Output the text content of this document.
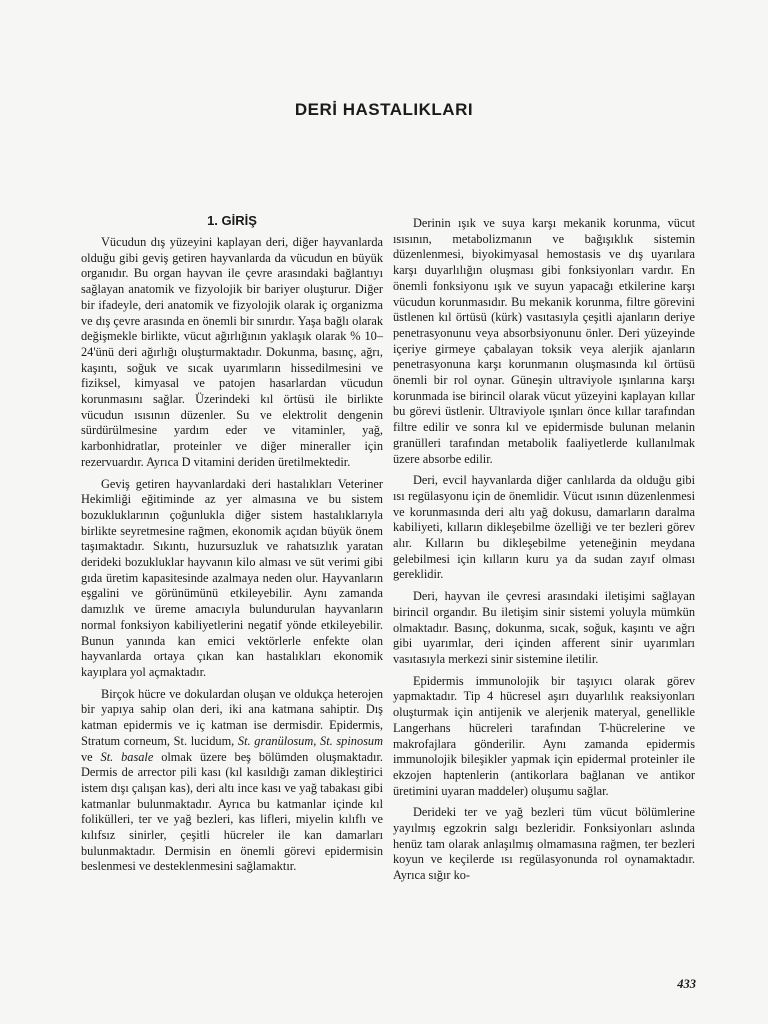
DERİ HASTALIKLARI
1. GİRİŞ

Vücudun dış yüzeyini kaplayan deri, diğer hayvanlarda olduğu gibi geviş getiren hayvanlarda da vücudun en büyük organıdır. Bu organ hayvan ile çevre arasındaki bağlantıyı sağlayan anatomik ve fizyolojik bir bariyer oluşturur. Diğer bir ifadeyle, deri anatomik ve fizyolojik olarak iç organizma ve dış çevre arasında en önemli bir sınırdır. Yaşa bağlı olarak değişmekle birlikte, vücut ağırlığının yaklaşık olarak % 10–24'ünü deri ağırlığı oluşturmaktadır. Dokunma, basınç, ağrı, kaşıntı, soğuk ve sıcak uyarımların hissedilmesini ve fiziksel, kimyasal ve patojen hasarlardan vücudun korunmasını sağlar. Üzerindeki kıl örtüsü ile birlikte vücudun ısısının düzenler. Su ve elektrolit dengenin sürdürülmesine yardım eder ve vitaminler, yağ, karbonhidratlar, proteinler ve diğer mineraller için rezervuardır. Ayrıca D vitamini deriden üretilmektedir.

Geviş getiren hayvanlardaki deri hastalıkları Veteriner Hekimliği eğitiminde az yer almasına ve bu sistem bozukluklarının çoğunlukla diğer sistem hastalıklarıyla birlikte seyretmesine rağmen, ekonomik açıdan büyük önem taşımaktadır. Sıkıntı, huzursuzluk ve rahatsızlık yaratan derideki bozukluklar hayvanın kilo alması ve süt verimi gibi gıda üretim kapasitesinde azalmaya neden olur. Hayvanların eşgalini ve görünümünü etkileyebilir. Aynı zamanda damızlık ve üreme amacıyla bulundurulan hayvanların normal fonksiyon kabiliyetlerini negatif yönde etkileyebilir. Bunun yanında kan emici vektörlerle enfekte olan hayvanlarda ortaya çıkan kan hastalıkları ekonomik kayıplara yol açmaktadır.

Birçok hücre ve dokulardan oluşan ve oldukça heterojen bir yapıya sahip olan deri, iki ana katmana sahiptir. Dış katman epidermis ve iç katman ise dermisdir. Epidermis, Stratum corneum, St. lucidum, St. granülosum, St. spinosum ve St. basale olmak üzere beş bölümden oluşmaktadır. Dermis de arrector pili kası (kıl kasıldığı zaman dikleştirici istem dışı çalışan kas), deri altı ince kası ve yağ tabakası gibi katmanlar bulunmaktadır. Ayrıca bu katmanlar içinde kıl folikülleri, ter ve yağ bezleri, kas lifleri, miyelin kılıflı ve kılıfsız sinirler, çeşitli hücreler ile kan damarları bulunmaktadır. Dermisin en önemli görevi epidermisin beslenmesi ve desteklenmesini sağlamaktır.

Derinin ışık ve suya karşı mekanik korunma, vücut ısısının, metabolizmanın ve bağışıklık sistemin düzenlenmesi, biyokimyasal hemostasis ve dış uyarılara karşı duyarlılığın oluşması gibi fonksiyonları vardır. En önemli fonksiyonu ışık ve suyun yapacağı etkilerine karşı vücudun korunmasıdır. Bu mekanik korunma, filtre görevini üstlenen kıl örtüsü (kürk) vasıtasıyla çeşitli ajanların deriye penetrasyonunu veya absorbsiyonunu önler. Deri yüzeyinde içeriye girmeye çabalayan toksik veya alerjik ajanların penetrasyonuna karşı korunmanın oluşmasında kıl örtüsü önemli bir rol oynar. Güneşin ultraviyole ışınlarına karşı korunmada ise birincil olarak vücut yüzeyini kaplayan kıllar bu görevi üstlenir. Ultraviyole ışınları önce kıllar tarafından filtre edilir ve sonra kıl ve epidermisde bulunan melanin granülleri tarafından metabolik faaliyetlerde kullanılmak üzere absorbe edilir.

Deri, evcil hayvanlarda diğer canlılarda da olduğu gibi ısı regülasyonu için de önemlidir. Vücut ısının düzenlenmesi ve korunmasında deri altı yağ dokusu, damarların daralma kabiliyeti, kılların dikleşebilme özelliği ve ter bezleri görev alır. Kılların bu dikleşebilme yeteneğinin meydana gelebilmesi için kılların kuru ya da sudan zayıf olması gereklidir.

Deri, hayvan ile çevresi arasındaki iletişimi sağlayan birincil organdır. Bu iletişim sinir sistemi yoluyla mümkün olmaktadır. Basınç, dokunma, sıcak, soğuk, kaşıntı ve ağrı gibi uyarımlar, deri içinden afferent sinir uyarımları vasıtasıyla merkezi sinir sistemine iletilir.

Epidermis immunolojik bir taşıyıcı olarak görev yapmaktadır. Tip 4 hücresel aşırı duyarlılık reaksiyonları oluşturmak için antijenik ve alerjenik materyal, genellikle Langerhans hücreleri tarafından T-hücrelerine ve makrofajlara gönderilir. Aynı zamanda epidermis immunolojik bileşikler yapmak için epidermal proteinler ile ekzojen haptenlerin (antikorlara bağlanan ve antikor üretimini uyaran maddeler) oluşumu sağlar.

Derideki ter ve yağ bezleri tüm vücut bölümlerine yayılmış egzokrin salgı bezleridir. Fonksiyonları aslında henüz tam olarak anlaşılmış olmamasına rağmen, ter bezleri koyun ve keçilerde ısı regülasyonunda rol oynamaktadır. Ayrıca sığır ko-

433
